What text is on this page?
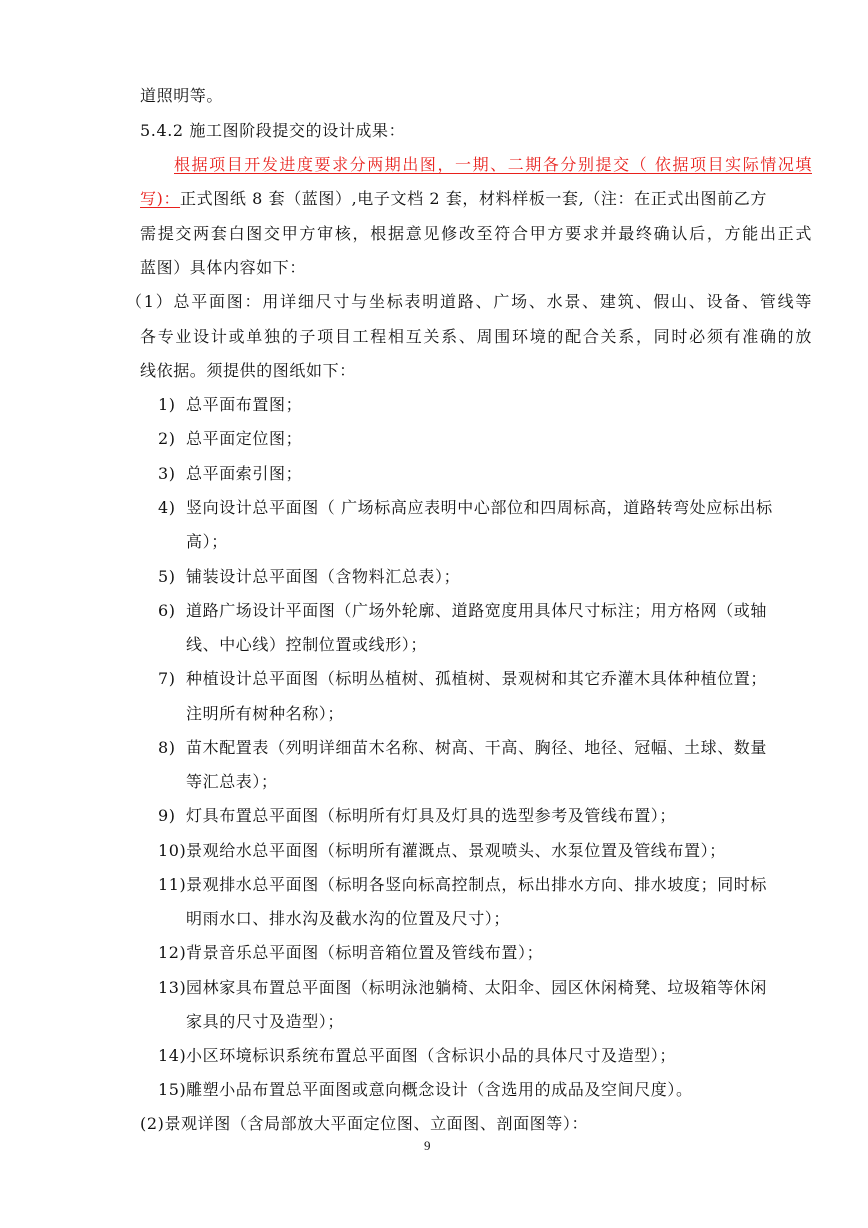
道照明等。
5.4.2 施工图阶段提交的设计成果：
根据项目开发进度要求分两期出图，一期、二期各分别提交（ 依据项目实际情况填
写)：正式图纸 8 套（蓝图）,电子文档 2 套，材料样板一套,（注：在正式出图前乙方
需提交两套白图交甲方审核，根据意见修改至符合甲方要求并最终确认后，方能出正式
蓝图）具体内容如下：
（1）总平面图：用详细尺寸与坐标表明道路、广场、水景、建筑、假山、设备、管线等
各专业设计或单独的子项目工程相互关系、周围环境的配合关系，同时必须有准确的放
线依据。须提供的图纸如下：
1) 总平面布置图；
2) 总平面定位图；
3) 总平面索引图；
4) 竖向设计总平面图（ 广场标高应表明中心部位和四周标高，道路转弯处应标出标
高）；
5) 铺装设计总平面图（含物料汇总表）；
6) 道路广场设计平面图（广场外轮廓、道路宽度用具体尺寸标注；用方格网（或轴
线、中心线）控制位置或线形）；
7) 种植设计总平面图（标明丛植树、孤植树、景观树和其它乔灌木具体种植位置；
注明所有树种名称）；
8) 苗木配置表（列明详细苗木名称、树高、干高、胸径、地径、冠幅、土球、数量
等汇总表）；
9) 灯具布置总平面图（标明所有灯具及灯具的选型参考及管线布置）；
10)景观给水总平面图（标明所有灌溉点、景观喷头、水泵位置及管线布置）；
11)景观排水总平面图（标明各竖向标高控制点，标出排水方向、排水坡度；同时标
明雨水口、排水沟及截水沟的位置及尺寸）；
12)背景音乐总平面图（标明音箱位置及管线布置）；
13)园林家具布置总平面图（标明泳池躺椅、太阳伞、园区休闲椅凳、垃圾箱等休闲
家具的尺寸及造型）；
14)小区环境标识系统布置总平面图（含标识小品的具体尺寸及造型）；
15)雕塑小品布置总平面图或意向概念设计（含选用的成品及空间尺度）。
(2)景观详图（含局部放大平面定位图、立面图、剖面图等）：
9
